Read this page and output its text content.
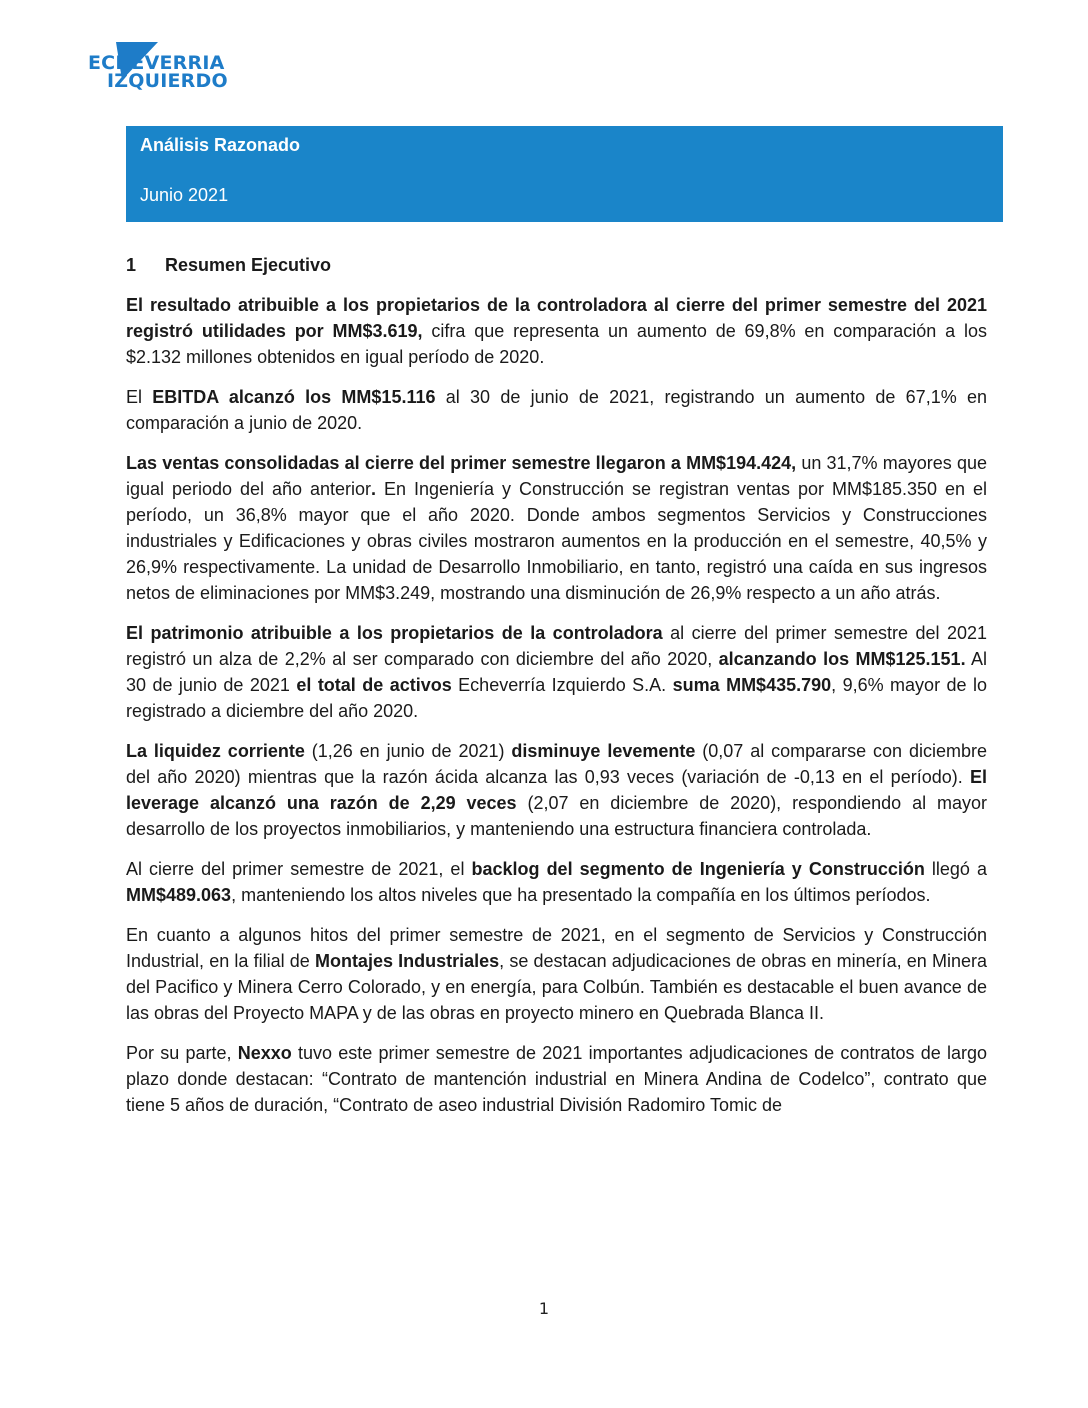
ECHEVERRIA
IZQUIERDO
Análisis Razonado
Junio 2021
1 Resumen Ejecutivo

El resultado atribuible a los propietarios de la controladora al cierre del primer semestre del 2021 registró utilidades por MM$3.619, cifra que representa un aumento de 69,8% en comparación a los $2.132 millones obtenidos en igual período de 2020.

El EBITDA alcanzó los MM$15.116 al 30 de junio de 2021, registrando un aumento de 67,1% en comparación a junio de 2020.

Las ventas consolidadas al cierre del primer semestre llegaron a MM$194.424, un 31,7% mayores que igual periodo del año anterior. En Ingeniería y Construcción se registran ventas por MM$185.350 en el período, un 36,8% mayor que el año 2020. Donde ambos segmentos Servicios y Construcciones industriales y Edificaciones y obras civiles mostraron aumentos en la producción en el semestre, 40,5% y 26,9% respectivamente. La unidad de Desarrollo Inmobiliario, en tanto, registró una caída en sus ingresos netos de eliminaciones por MM$3.249, mostrando una disminución de 26,9% respecto a un año atrás.

El patrimonio atribuible a los propietarios de la controladora al cierre del primer semestre del 2021 registró un alza de 2,2% al ser comparado con diciembre del año 2020, alcanzando los MM$125.151. Al 30 de junio de 2021 el total de activos Echeverría Izquierdo S.A. suma MM$435.790, 9,6% mayor de lo registrado a diciembre del año 2020.

La liquidez corriente (1,26 en junio de 2021) disminuye levemente (0,07 al compararse con diciembre del año 2020) mientras que la razón ácida alcanza las 0,93 veces (variación de -0,13 en el período). El leverage alcanzó una razón de 2,29 veces (2,07 en diciembre de 2020), respondiendo al mayor desarrollo de los proyectos inmobiliarios, y manteniendo una estructura financiera controlada.

Al cierre del primer semestre de 2021, el backlog del segmento de Ingeniería y Construcción llegó a MM$489.063, manteniendo los altos niveles que ha presentado la compañía en los últimos períodos.

En cuanto a algunos hitos del primer semestre de 2021, en el segmento de Servicios y Construcción Industrial, en la filial de Montajes Industriales, se destacan adjudicaciones de obras en minería, en Minera del Pacifico y Minera Cerro Colorado, y en energía, para Colbún. También es destacable el buen avance de las obras del Proyecto MAPA y de las obras en proyecto minero en Quebrada Blanca II.

Por su parte, Nexxo tuvo este primer semestre de 2021 importantes adjudicaciones de contratos de largo plazo donde destacan: “Contrato de mantención industrial en Minera Andina de Codelco”, contrato que tiene 5 años de duración, “Contrato de aseo industrial División Radomiro Tomic de

1
